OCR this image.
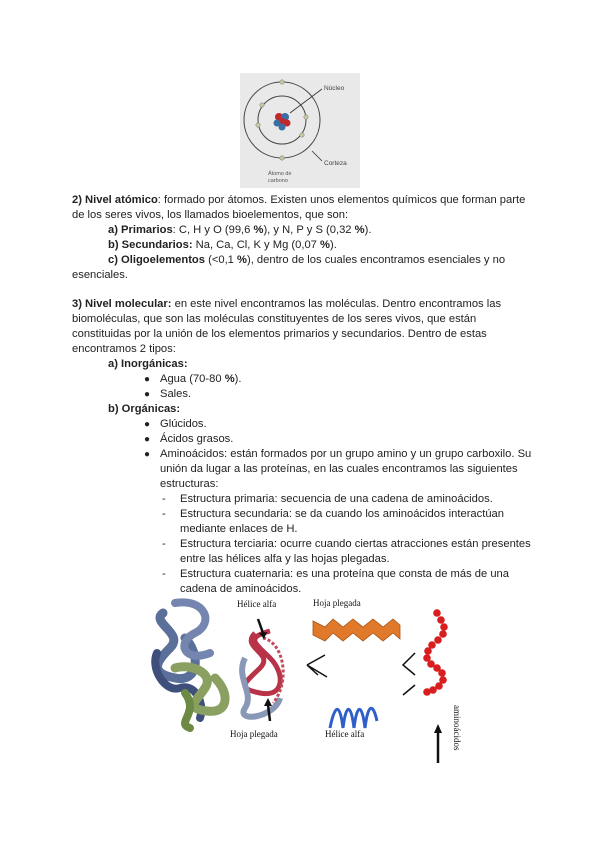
Núcleo
Corteza
Átomo de
carbono

2) Nivel atómico: formado por átomos. Existen unos elementos químicos que forman parte de los seres vivos, los llamados bioelementos, que son:

a) Primarios: C, H y O (99,6 %), y N, P y S (0,32 %).

b) Secundarios: Na, Ca, Cl, K y Mg (0,07 %).

c) Oligoelementos (<0,1 %), dentro de los cuales encontramos esenciales y no esenciales.

3) Nivel molecular: en este nivel encontramos las moléculas. Dentro encontramos las biomoléculas, que son las moléculas constituyentes de los seres vivos, que están constituidas por la unión de los elementos primarios y secundarios. Dentro de estas encontramos 2 tipos:

a) Inorgánicas:

● Agua (70-80 %).
● Sales.

b) Orgánicas:

● Glúcidos.
● Ácidos grasos.
● Aminoácidos: están formados por un grupo amino y un grupo carboxilo. Su unión da lugar a las proteínas, en las cuales encontramos las siguientes estructuras:
- Estructura primaria: secuencia de una cadena de aminoácidos.
- Estructura secundaria: se da cuando los aminoácidos interactúan mediante enlaces de H.
- Estructura terciaria: ocurre cuando ciertas atracciones están presentes entre las hélices alfa y las hojas plegadas.
- Estructura cuaternaria: es una proteína que consta de más de una cadena de aminoácidos.
Hélice alfa	Hoja plegada
Hoja plegada	Hélice alfa	aminoácidos
